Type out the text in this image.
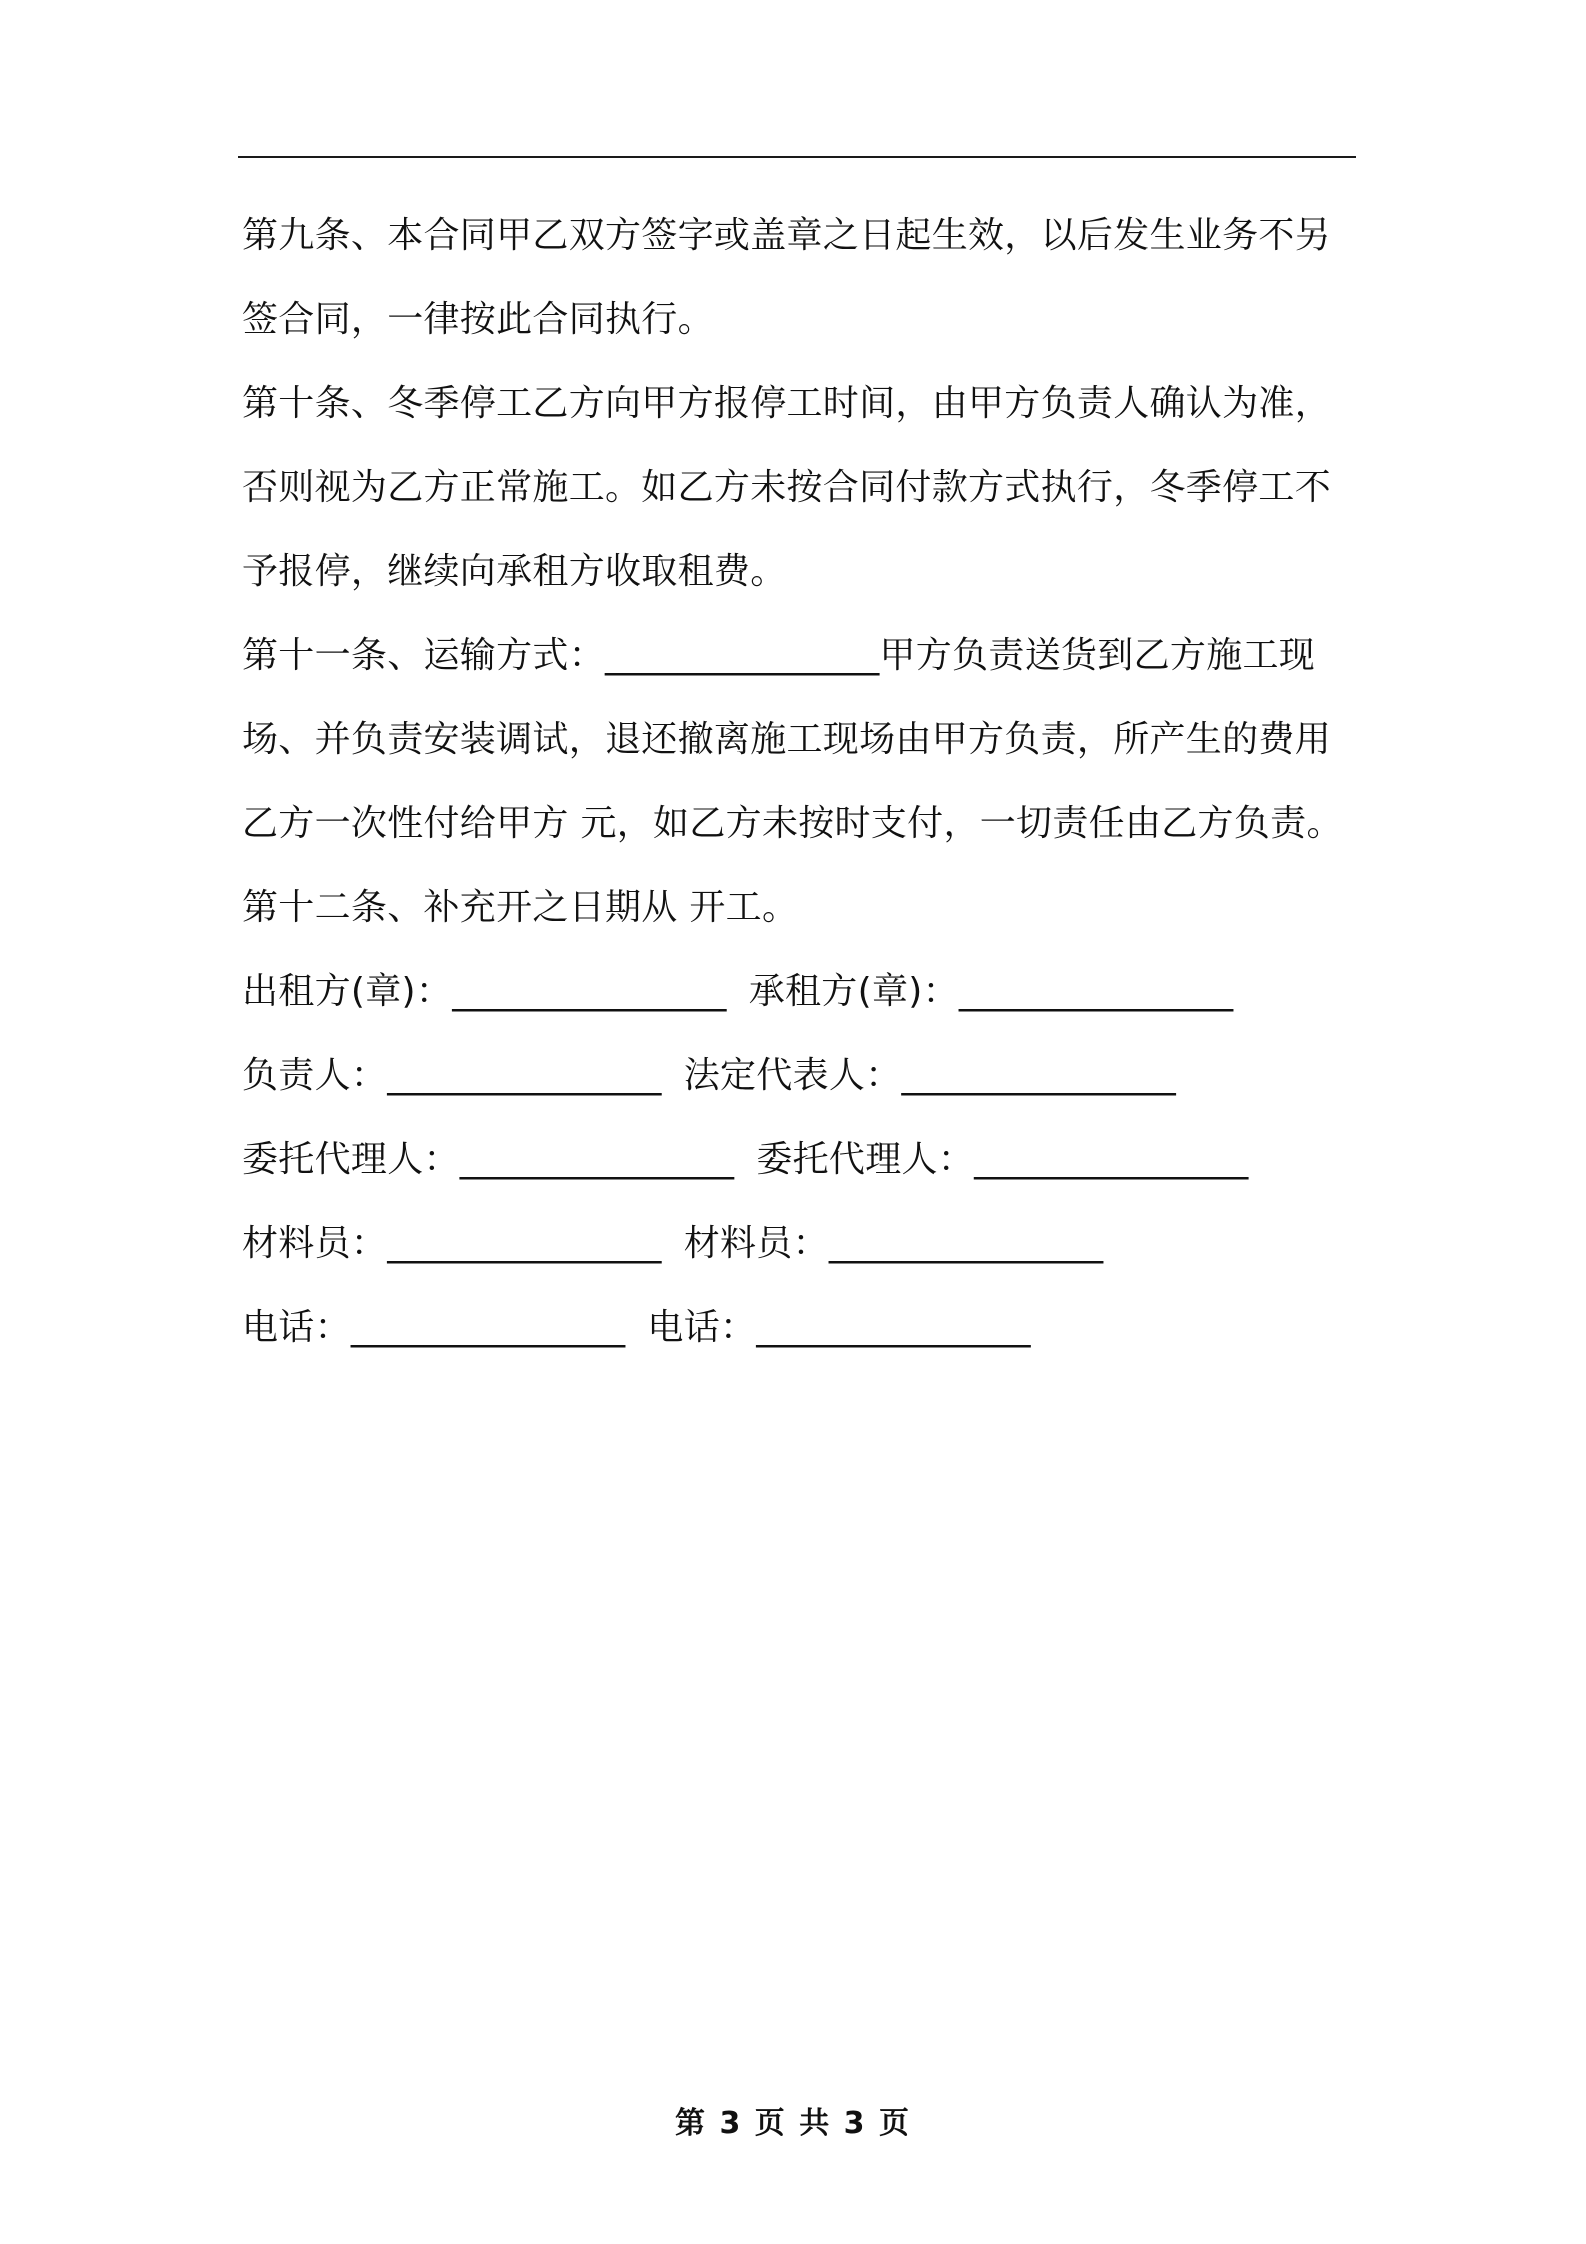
第九条、本合同甲乙双方签字或盖章之日起生效，以后发生业务不另
签合同，一律按此合同执行。
第十条、冬季停工乙方向甲方报停工时间，由甲方负责人确认为准，
否则视为乙方正常施工。如乙方未按合同付款方式执行，冬季停工不
予报停，继续向承租方收取租费。
第十一条、运输方式：_______________甲方负责送货到乙方施工现
场、并负责安装调试，退还撤离施工现场由甲方负责，所产生的费用
乙方一次性付给甲方 元，如乙方未按时支付，一切责任由乙方负责。
第十二条、补充开之日期从 开工。
出租方(章)：_______________ 承租方(章)：_______________
负责人：_______________ 法定代表人：_______________
委托代理人：_______________ 委托代理人：_______________
材料员：_______________ 材料员：_______________
电话：_______________ 电话：_______________
第 3 页 共 3 页
